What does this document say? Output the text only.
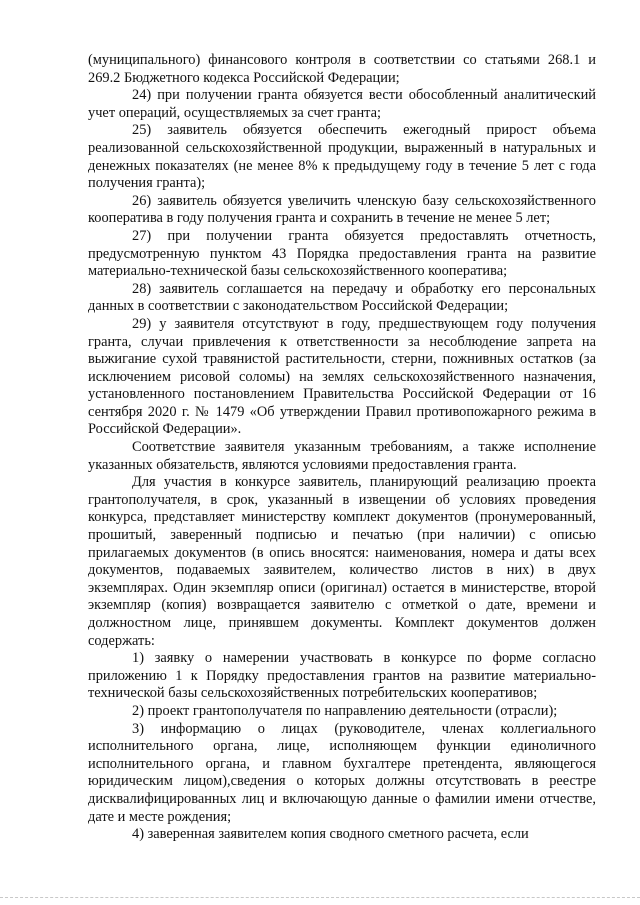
(муниципального) финансового контроля в соответствии со статьями 268.1 и 269.2 Бюджетного кодекса Российской Федерации;

24) при получении гранта обязуется вести обособленный аналитический учет операций, осуществляемых за счет гранта;

25) заявитель обязуется обеспечить ежегодный прирост объема реализованной сельскохозяйственной продукции, выраженный в натуральных и денежных показателях (не менее 8% к предыдущему году в течение 5 лет с года получения гранта);

26) заявитель обязуется увеличить членскую базу сельскохозяйственного кооператива в году получения гранта и сохранить в течение не менее 5 лет;

27) при получении гранта обязуется предоставлять отчетность, предусмотренную пунктом 43 Порядка предоставления гранта на развитие материально-технической базы сельскохозяйственного кооператива;

28) заявитель соглашается на передачу и обработку его персональных данных в соответствии с законодательством Российской Федерации;

29) у заявителя отсутствуют в году, предшествующем году получения гранта, случаи привлечения к ответственности за несоблюдение запрета на выжигание сухой травянистой растительности, стерни, пожнивных остатков (за исключением рисовой соломы) на землях сельскохозяйственного назначения, установленного постановлением Правительства Российской Федерации от 16 сентября 2020 г. № 1479 «Об утверждении Правил противопожарного режима в Российской Федерации».

Соответствие заявителя указанным требованиям, а также исполнение указанных обязательств, являются условиями предоставления гранта.

Для участия в конкурсе заявитель, планирующий реализацию проекта грантополучателя, в срок, указанный в извещении об условиях проведения конкурса, представляет министерству комплект документов (пронумерованный, прошитый, заверенный подписью и печатью (при наличии) с описью прилагаемых документов (в опись вносятся: наименования, номера и даты всех документов, подаваемых заявителем, количество листов в них) в двух экземплярах. Один экземпляр описи (оригинал) остается в министерстве, второй экземпляр (копия) возвращается заявителю с отметкой о дате, времени и должностном лице, принявшем документы. Комплект документов должен содержать:

1) заявку о намерении участвовать в конкурсе по форме согласно приложению 1 к Порядку предоставления грантов на развитие материально-технической базы сельскохозяйственных потребительских кооперативов;

2) проект грантополучателя по направлению деятельности (отрасли);

3) информацию о лицах (руководителе, членах коллегиального исполнительного органа, лице, исполняющем функции единоличного исполнительного органа, и главном бухгалтере претендента, являющегося юридическим лицом),сведения о которых должны отсутствовать в реестре дисквалифицированных лиц и включающую данные о фамилии имени отчестве, дате и месте рождения;

4) заверенная заявителем копия сводного сметного расчета, если
